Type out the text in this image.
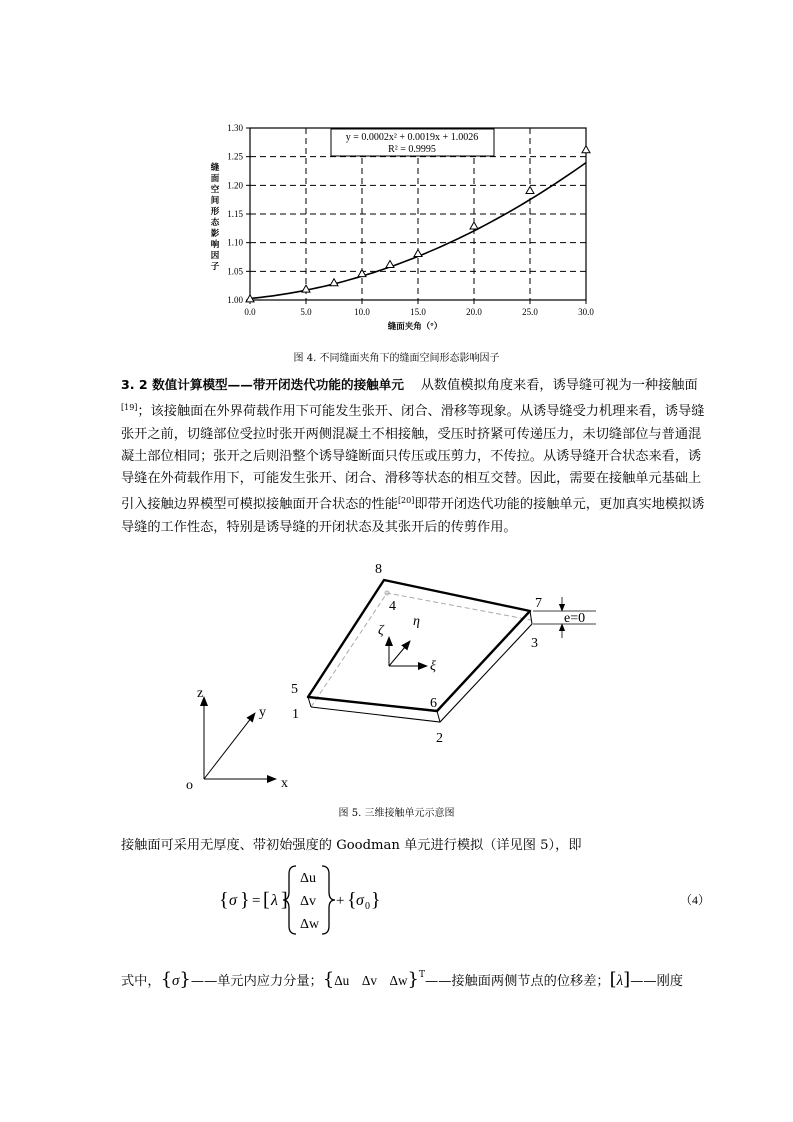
0.0	5.0	10.0	15.0	20.0	25.0	30.0
1.00
1.05
1.10
1.15
1.20
1.25
1.30
y = 0.0002x² + 0.0019x + 1.0026
R² = 0.9995
缝面空间形态影响因子
缝面夹角（°）
图 4. 不同缝面夹角下的缝面空间形态影响因子
3. 2 数值计算模型——带开闭迭代功能的接触单元 从数值模拟角度来看，诱导缝可视为一种接触面
[19]；该接触面在外界荷载作用下可能发生张开、闭合、滑移等现象。从诱导缝受力机理来看，诱导缝
张开之前，切缝部位受拉时张开两侧混凝土不相接触，受压时挤紧可传递压力，未切缝部位与普通混
凝土部位相同；张开之后则沿整个诱导缝断面只传压或压剪力，不传拉。从诱导缝开合状态来看，诱
导缝在外荷载作用下，可能发生张开、闭合、滑移等状态的相互交替。因此，需要在接触单元基础上
引入接触边界模型可模拟接触面开合状态的性能[20]即带开闭迭代功能的接触单元，更加真实地模拟诱
导缝的工作性态，特别是诱导缝的开闭状态及其张开后的传剪作用。
1
2
3
4
5
6
7
8
z
y
x
o
e=0
ζ
η
ξ
图 5. 三维接触单元示意图
接触面可采用无厚度、带初始强度的 Goodman 单元进行模拟（详见图 5），即
{ σ } = [ λ ]
Δu
Δv
Δw
+ { σ 0 }	（4）
式中，{σ}——单元内应力分量；{Δu Δv Δw}$^T$——接触面两侧节点的位移差；[λ]——刚度
